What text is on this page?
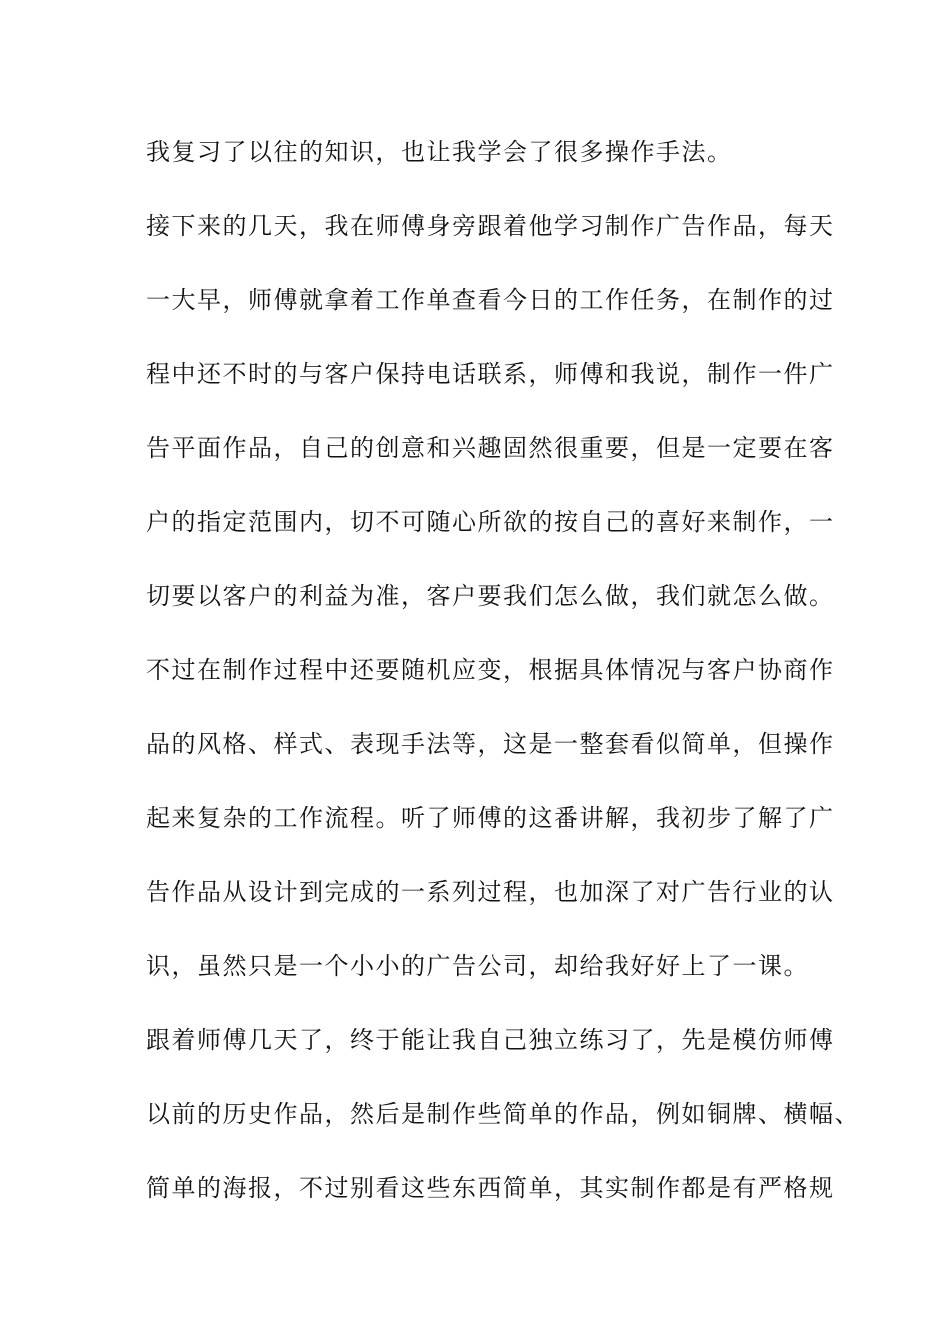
我复习了以往的知识，也让我学会了很多操作手法。
接下来的几天，我在师傅身旁跟着他学习制作广告作品，每天
一大早，师傅就拿着工作单查看今日的工作任务，在制作的过
程中还不时的与客户保持电话联系，师傅和我说，制作一件广
告平面作品，自己的创意和兴趣固然很重要，但是一定要在客
户的指定范围内，切不可随心所欲的按自己的喜好来制作，一
切要以客户的利益为准，客户要我们怎么做，我们就怎么做。
不过在制作过程中还要随机应变，根据具体情况与客户协商作
品的风格、样式、表现手法等，这是一整套看似简单，但操作
起来复杂的工作流程。听了师傅的这番讲解，我初步了解了广
告作品从设计到完成的一系列过程，也加深了对广告行业的认
识，虽然只是一个小小的广告公司，却给我好好上了一课。
跟着师傅几天了，终于能让我自己独立练习了，先是模仿师傅
以前的历史作品，然后是制作些简单的作品，例如铜牌、横幅、
简单的海报，不过别看这些东西简单，其实制作都是有严格规
